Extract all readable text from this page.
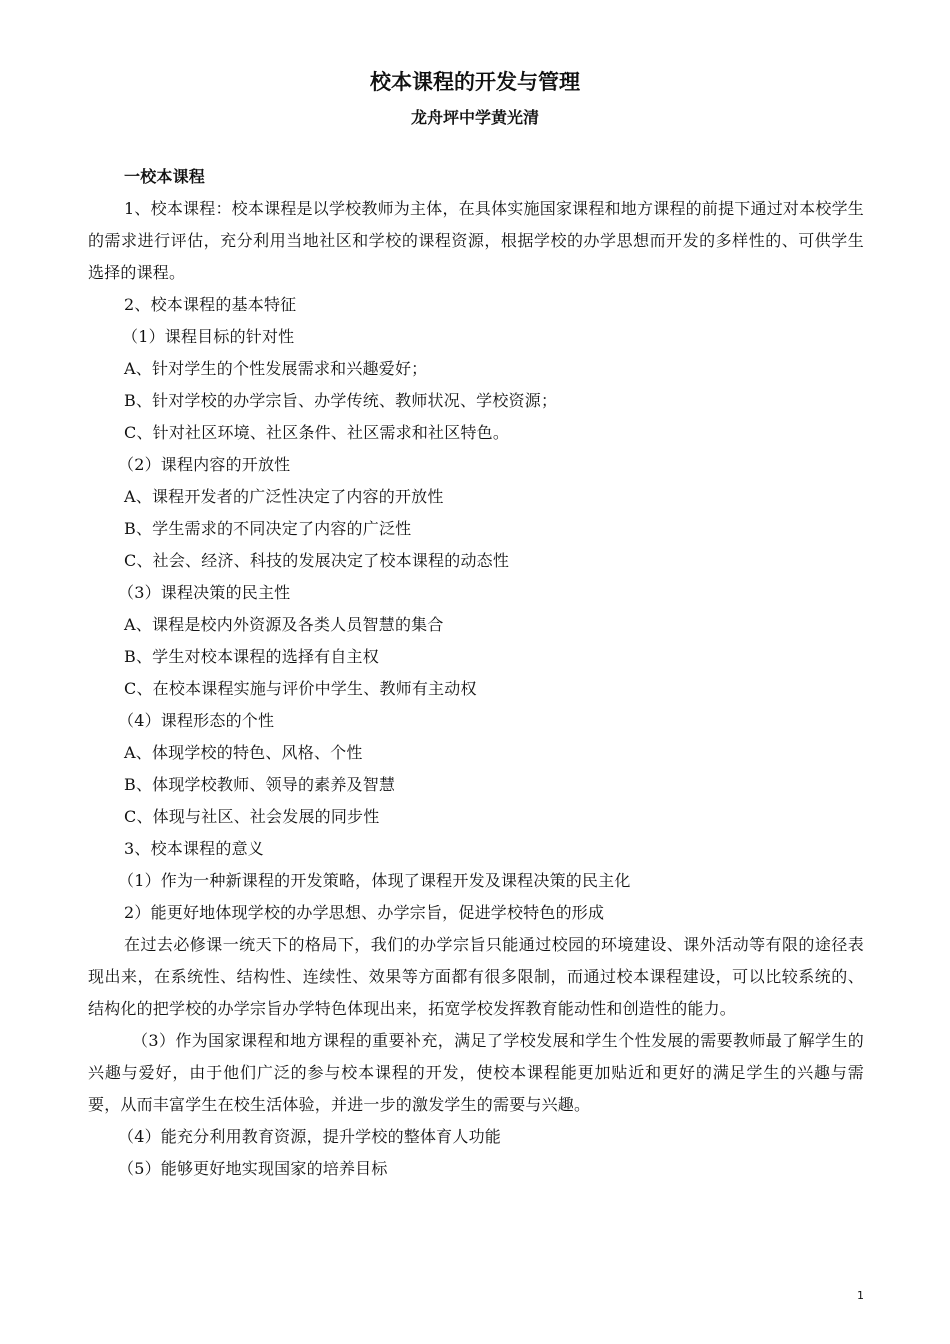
校本课程的开发与管理

龙舟坪中学黄光清

一校本课程

1、校本课程：校本课程是以学校教师为主体，在具体实施国家课程和地方课程的前提下通过对本校学生的需求进行评估，充分利用当地社区和学校的课程资源，根据学校的办学思想而开发的多样性的、可供学生选择的课程。

2、校本课程的基本特征

（1）课程目标的针对性

A、针对学生的个性发展需求和兴趣爱好；

B、针对学校的办学宗旨、办学传统、教师状况、学校资源；

C、针对社区环境、社区条件、社区需求和社区特色。

（2）课程内容的开放性

A、课程开发者的广泛性决定了内容的开放性

B、学生需求的不同决定了内容的广泛性

C、社会、经济、科技的发展决定了校本课程的动态性

（3）课程决策的民主性

A、课程是校内外资源及各类人员智慧的集合

B、学生对校本课程的选择有自主权

C、在校本课程实施与评价中学生、教师有主动权

（4）课程形态的个性

A、体现学校的特色、风格、个性

B、体现学校教师、领导的素养及智慧

C、体现与社区、社会发展的同步性

3、校本课程的意义

（1）作为一种新课程的开发策略，体现了课程开发及课程决策的民主化

2）能更好地体现学校的办学思想、办学宗旨，促进学校特色的形成

在过去必修课一统天下的格局下，我们的办学宗旨只能通过校园的环境建设、课外活动等有限的途径表现出来，在系统性、结构性、连续性、效果等方面都有很多限制，而通过校本课程建设，可以比较系统的、结构化的把学校的办学宗旨办学特色体现出来，拓宽学校发挥教育能动性和创造性的能力。

（3）作为国家课程和地方课程的重要补充，满足了学校发展和学生个性发展的需要教师最了解学生的兴趣与爱好，由于他们广泛的参与校本课程的开发，使校本课程能更加贴近和更好的满足学生的兴趣与需要，从而丰富学生在校生活体验，并进一步的激发学生的需要与兴趣。

（4）能充分利用教育资源，提升学校的整体育人功能

（5）能够更好地实现国家的培养目标

1
